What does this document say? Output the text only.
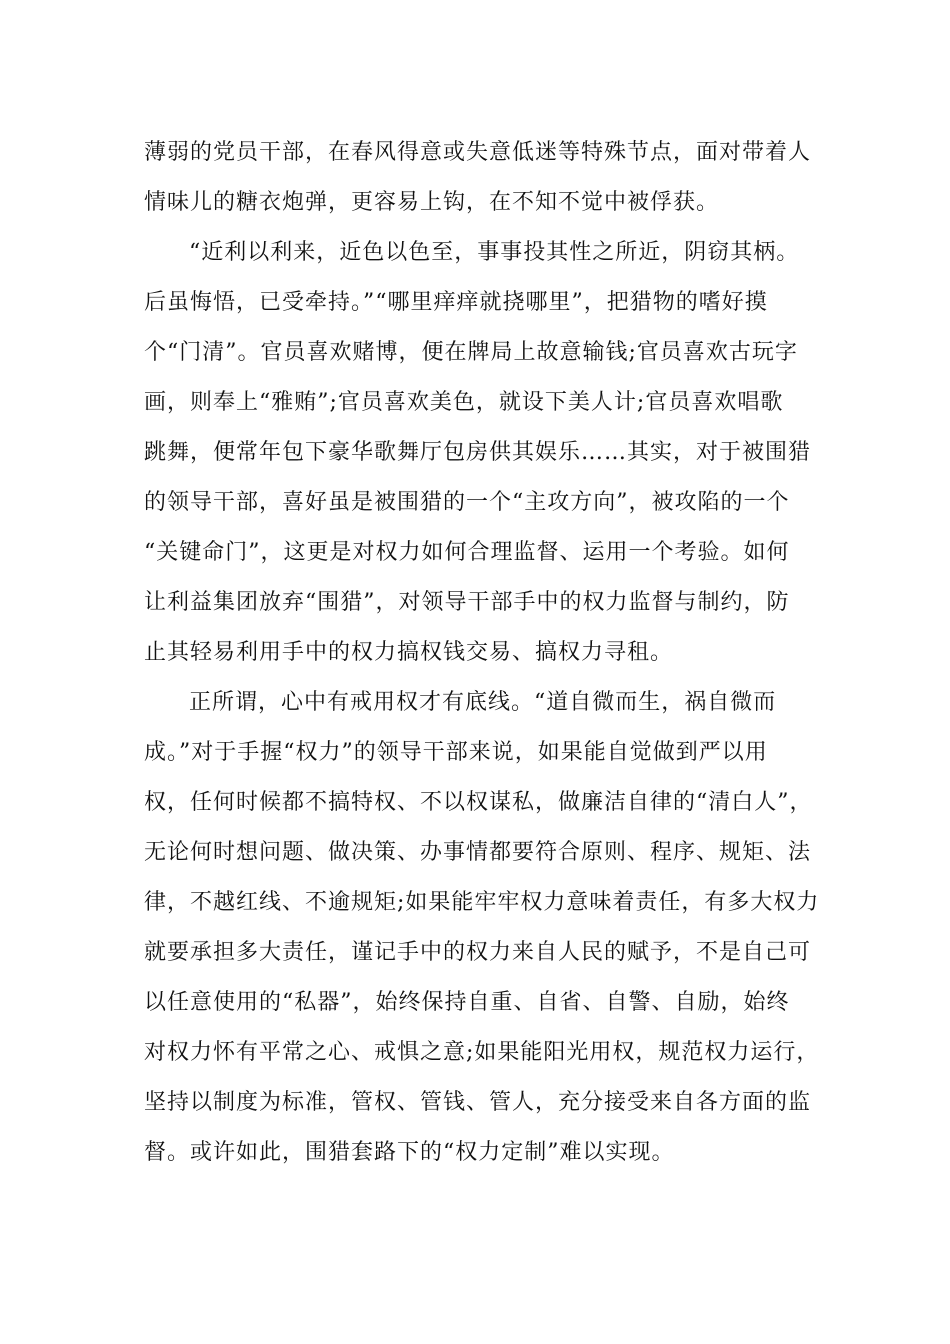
薄弱的党员干部，在春风得意或失意低迷等特殊节点，面对带着人
情味儿的糖衣炮弹，更容易上钩，在不知不觉中被俘获。
“近利以利来，近色以色至，事事投其性之所近，阴窃其柄。
后虽悔悟，已受牵持。”“哪里痒痒就挠哪里”，把猎物的嗜好摸
个“门清”。官员喜欢赌博，便在牌局上故意输钱;官员喜欢古玩字
画，则奉上“雅贿”;官员喜欢美色，就设下美人计;官员喜欢唱歌
跳舞，便常年包下豪华歌舞厅包房供其娱乐……其实，对于被围猎
的领导干部，喜好虽是被围猎的一个“主攻方向”，被攻陷的一个
“关键命门”，这更是对权力如何合理监督、运用一个考验。如何
让利益集团放弃“围猎”，对领导干部手中的权力监督与制约，防
止其轻易利用手中的权力搞权钱交易、搞权力寻租。
正所谓，心中有戒用权才有底线。“道自微而生，祸自微而
成。”对于手握“权力”的领导干部来说，如果能自觉做到严以用
权，任何时候都不搞特权、不以权谋私，做廉洁自律的“清白人”，
无论何时想问题、做决策、办事情都要符合原则、程序、规矩、法
律，不越红线、不逾规矩;如果能牢牢权力意味着责任，有多大权力
就要承担多大责任，谨记手中的权力来自人民的赋予，不是自己可
以任意使用的“私器”，始终保持自重、自省、自警、自励，始终
对权力怀有平常之心、戒惧之意;如果能阳光用权，规范权力运行，
坚持以制度为标准，管权、管钱、管人，充分接受来自各方面的监
督。或许如此，围猎套路下的“权力定制”难以实现。
